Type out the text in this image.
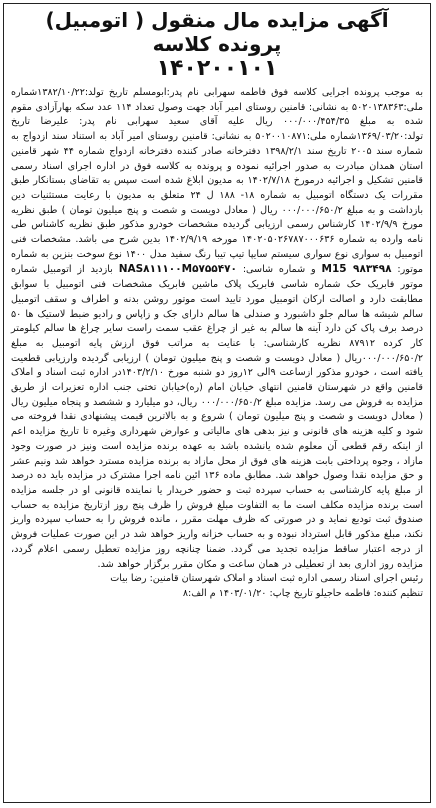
آگهی مزایده مال منقول ( اتومبیل) پرونده کلاسه
۱۴۰۲۰۰۱۰۱

به موجب پرونده اجرایی کلاسه فوق فاطمه سهرابی نام پدر:ابومسلم تاریخ تولد:۱۳۸۲/۱۰/۲۲شماره ملی:۵۰۲۰۱۳۸۳۶۳ به نشانی: قامنین روستای امیر آباد جهت وصول تعداد ۱۱۴ عدد سکه بهارآزادی مقوم شده به مبلغ ۰۰۰/۰۰۰/۴۵۴/۳۵ ریال علیه آقای سعید سهرابی نام پدر: علیرضا تاریخ تولد:۱۳۶۹/۰۳/۲۰شماره ملی:۵۰۲۰۰۱۰۸۷۱ به نشانی: قامنین روستای امیر آباد به استناد سند ازدواج به شماره سند ۲۰۰۵ تاریخ سند ۱۳۹۸/۲/۱ دفترخانه صادر کننده دفترخانه ازدواج شماره ۴۴ شهر قامنین استان همدان مبادرت به صدور اجرائیه نموده و پرونده به کلاسه فوق در اداره اجرای اسناد رسمی قامنین تشکیل و اجرائیه درمورخ ۱۴۰۲/۷/۱۸ به مدیون ابلاغ شده است سپس به تقاضای بستانکار طبق مقررات یک دستگاه اتومبیل به شماره ۱۸- ۱۸۸ ل ۲۴ متعلق به مدیون با رعایت مستثنیات دین بازداشت و به مبلغ ۰۰۰/۰۰۰/۶۵۰/۲ ریال ( معادل دویست و شصت و پنج میلیون تومان ) طبق نظریه مورخ ۱۴۰۲/۹/۹ کارشناس رسمی ارزیابی گردیده مشخصات خودرو مذکور طبق نظریه کاشناس طی نامه وارده به شماره ۱۴۰۲۰۵۰۲۶۷۸۷۰۰۰۶۳۶ مورخه ۱۴۰۲/۹/۱۹ بدین شرح می باشد. مشخصات فنی اتومبیل به سواری نوع سواری سیستم سایپا تیپ تیبا رنگ سفید مدل ۱۴۰۰ نوع سوخت بنزین به شماره موتور: M15 ۹۸۳۴۹۸ و شماره شاسی: NAS۸۱۱۱۰۰M۵۷۵۵۴۷۰ بازدید از اتومبیل شماره موتور فابریک حک شماره شاسی فابریک پلاک ماشین فابریک مشخصات فنی اتومبیل با سوابق مطابقت دارد و اصالت ارکان اتومبیل مورد تایید است موتور روشن بدنه و اطراف و سقف اتومبیل سالم شیشه ها سالم جلو داشبورد و صندلی ها سالم دارای جک و زاپاس و رادیو ضبط لاستیک ها ۵۰ درصد برف پاک کن دارد آینه ها سالم به غیر از چراغ عقب سمت راست سایر چراغ ها سالم کیلومتر کار کرده ۸۷۹۱۲ نظریه کارشناسی: با عنایت به مراتب فوق ارزش پایه اتومبیل به مبلغ ۰۰۰/۰۰۰/۶۵۰/۲ریال ( معادل دویست و شصت و پنج میلیون تومان ) ارزیابی گردیده وارزیابی قطعیت یافته است ، خودرو مذکور ازساعت ۹الی ۱۲روز دو شنبه مورخ ۱۴۰۳/۲/۱۰در اداره ثبت اسناد و املاک قامنین واقع در شهرستان قامنین انتهای خیابان امام (ره)خیابان تختی جنب اداره تعزیرات از طریق مزایده به فروش می رسد. مزایده مبلغ ۰۰۰/۰۰۰/۶۵۰/۲ ریال، دو میلیارد و ششصد و پنجاه میلیون ریال ( معادل دویست و شصت و پنج میلیون تومان ) شروع و به بالاترین قیمت پیشنهادی نقدا فروخته می شود و کلیه هزینه های قانونی و نیز بدهی های مالیاتی و عوارض شهرداری وغیره تا تاریخ مزایده اعم از اینکه رقم قطعی آن معلوم شده یانشده باشد به عهده برنده مزایده است ونیز در صورت وجود مازاد ، وجوه پرداختی بابت هزینه های فوق از محل مازاد به برنده مزایده مسترد خواهد شد ونیم عشر و حق مزایده نقدا وصول خواهد شد. مطابق ماده ۱۳۶ ائین نامه اجرا مشترک در مزایده باید ده درصد از مبلغ پایه کارشناسی به حساب سپرده ثبت و حضور خریدار یا نماینده قانونی او در جلسه مزایده است برنده مزایده مکلف است ما به التفاوت مبلغ فروش را ظرف پنج روز ازتاریخ مزایده به حساب صندوق ثبت تودیع نماید و در صورتی که ظرف مهلت مقرر ، مانده فروش را به حساب سپرده واریز نکند، مبلغ مذکور قابل استرداد نبوده و به حساب خزانه واریز خواهد شد در این صورت عملیات فروش از درجه اعتبار ساقط مزایده تجدید می گردد. ضمنا چنانچه روز مزایده تعطیل رسمی اعلام گردد، مزایده روز اداری بعد از تعطیلی در همان ساعت و مکان مقرر برگزار خواهد شد.

رئیس اجرای اسناد رسمی اداره ثبت اسناد و املاک شهرستان قامنین: رضا بیات

تنظیم کننده: فاطمه حاجیلو تاریخ چاپ: ۱۴۰۳/۰۱/۲۰ م الف:۸
